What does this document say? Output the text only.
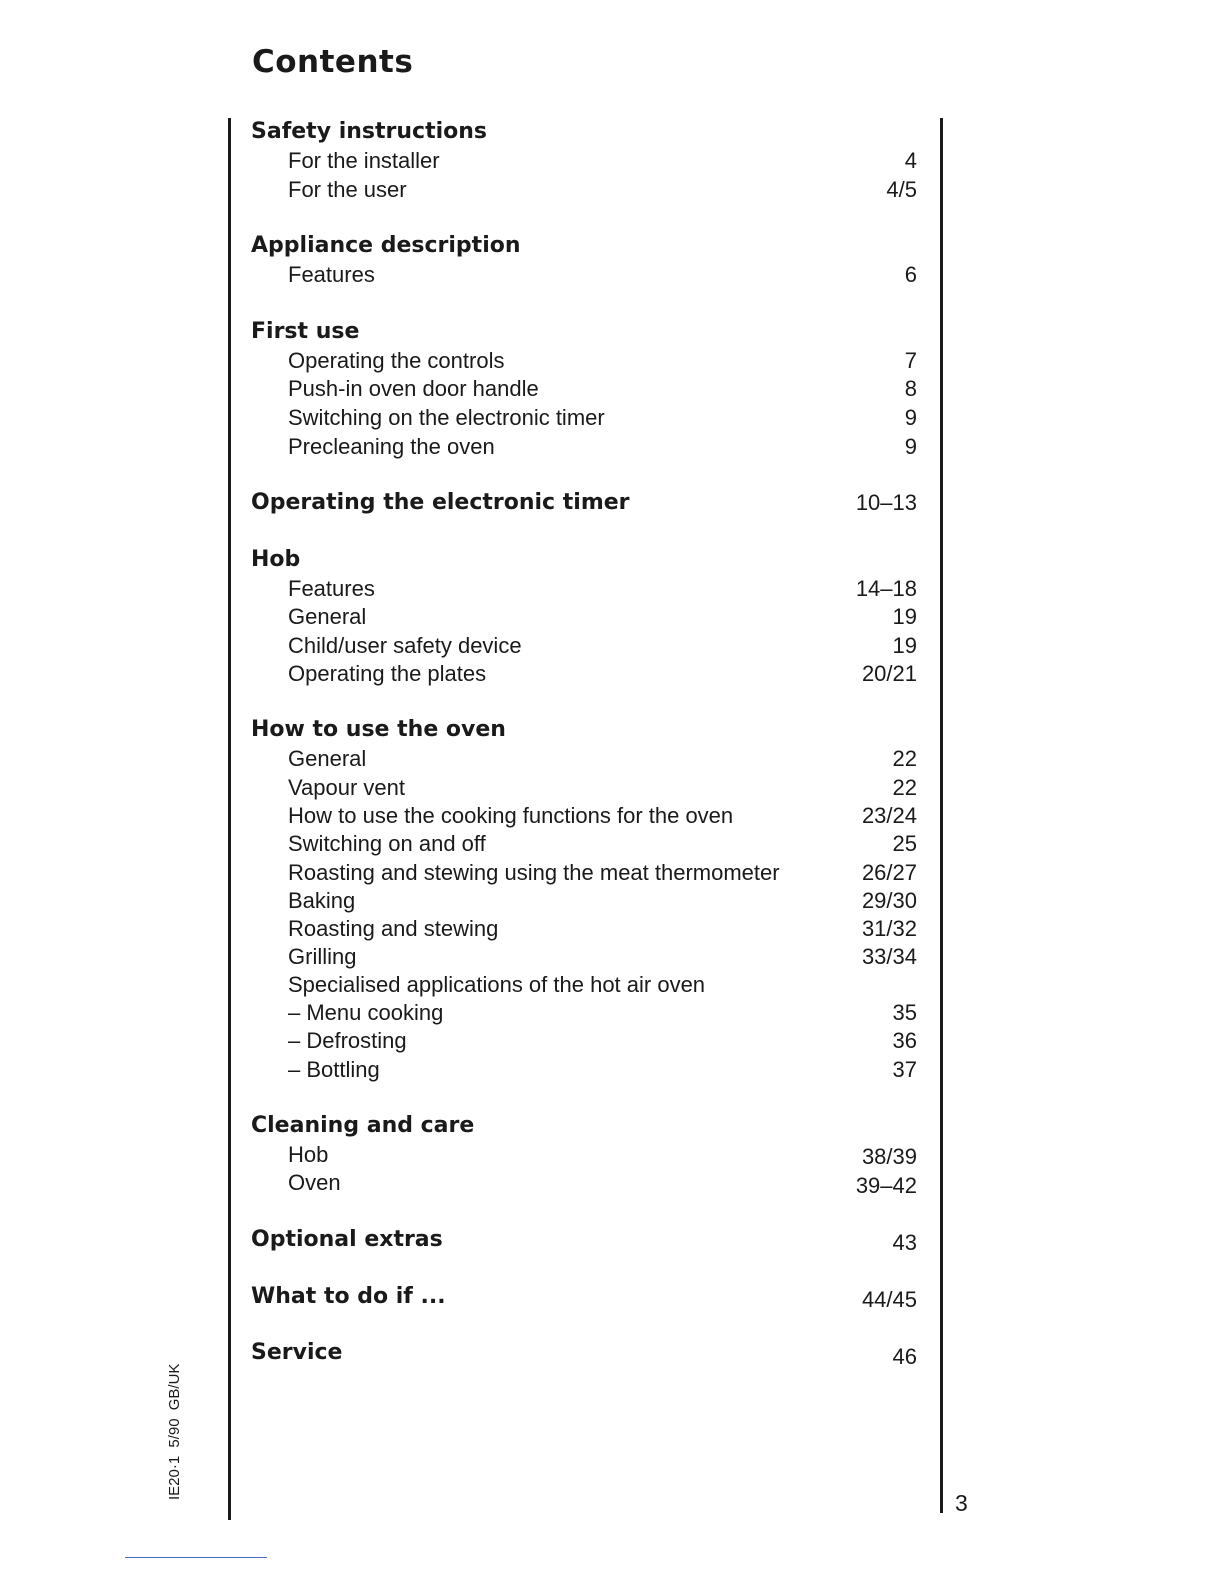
Contents
Safety instructions
For the installer	4
For the user	4/5
Appliance description
Features	6
First use
Operating the controls	7
Push-in oven door handle	8
Switching on the electronic timer	9
Precleaning the oven	9
Operating the electronic timer	10–13
Hob
Features	14–18
General	19
Child/user safety device	19
Operating the plates	20/21
How to use the oven
General	22
Vapour vent	22
How to use the cooking functions for the oven	23/24
Switching on and off	25
Roasting and stewing using the meat thermometer	26/27
Baking	29/30
Roasting and stewing	31/32
Grilling	33/34
Specialised applications of the hot air oven
– Menu cooking	35
– Defrosting	36
– Bottling	37
Cleaning and care
Hob	38/39
Oven	39–42
Optional extras	43
What to do if ...	44/45
Service	46
IE20·1 5/90 GB/UK
3
